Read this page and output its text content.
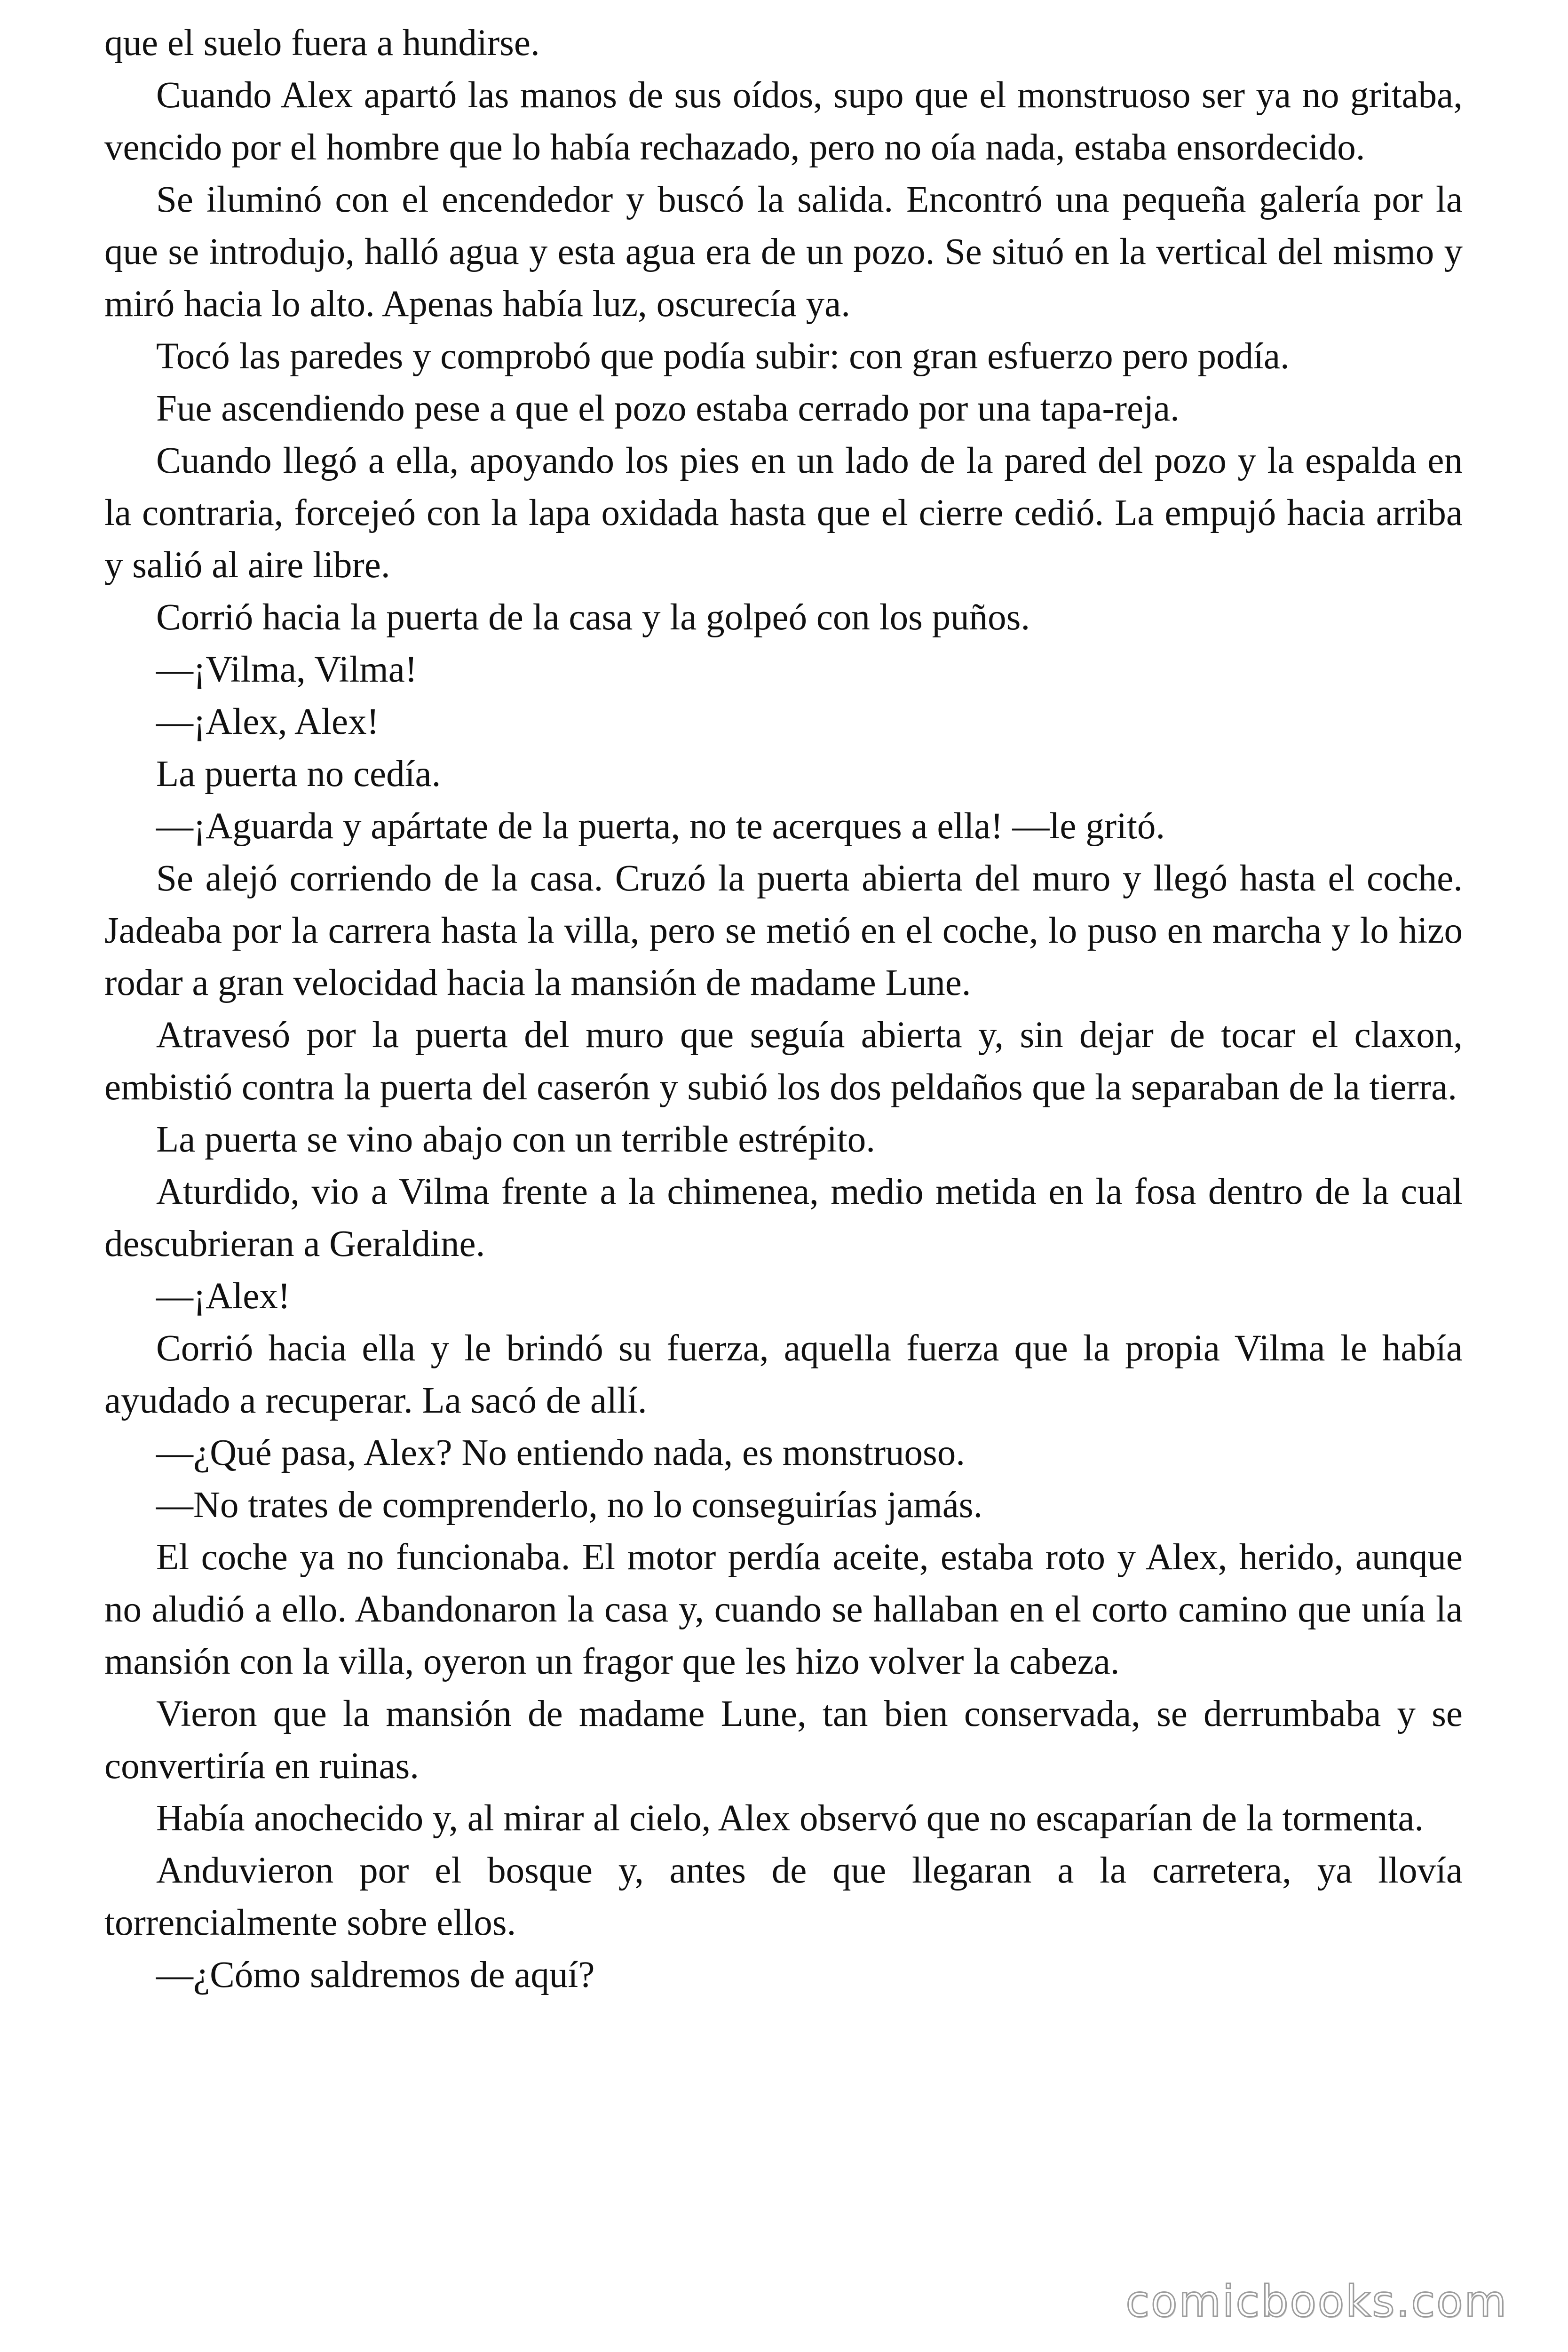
que el suelo fuera a hundirse.

Cuando Alex apartó las manos de sus oídos, supo que el monstruoso ser ya no gritaba, vencido por el hombre que lo había rechazado, pero no oía nada, estaba ensordecido.

Se iluminó con el encendedor y buscó la salida. Encontró una pequeña galería por la que se introdujo, halló agua y esta agua era de un pozo. Se situó en la vertical del mismo y miró hacia lo alto. Apenas había luz, oscurecía ya.

Tocó las paredes y comprobó que podía subir: con gran esfuerzo pero podía.

Fue ascendiendo pese a que el pozo estaba cerrado por una tapa-reja.

Cuando llegó a ella, apoyando los pies en un lado de la pared del pozo y la espalda en la contraria, forcejeó con la lapa oxidada hasta que el cierre cedió. La empujó hacia arriba y salió al aire libre.

Corrió hacia la puerta de la casa y la golpeó con los puños.

—¡Vilma, Vilma!

—¡Alex, Alex!

La puerta no cedía.

—¡Aguarda y apártate de la puerta, no te acerques a ella! —le gritó.

Se alejó corriendo de la casa. Cruzó la puerta abierta del muro y llegó hasta el coche. Jadeaba por la carrera hasta la villa, pero se metió en el coche, lo puso en marcha y lo hizo rodar a gran velocidad hacia la mansión de madame Lune.

Atravesó por la puerta del muro que seguía abierta y, sin dejar de tocar el claxon, embistió contra la puerta del caserón y subió los dos peldaños que la separaban de la tierra.

La puerta se vino abajo con un terrible estrépito.

Aturdido, vio a Vilma frente a la chimenea, medio metida en la fosa dentro de la cual descubrieran a Geraldine.

—¡Alex!

Corrió hacia ella y le brindó su fuerza, aquella fuerza que la propia Vilma le había ayudado a recuperar. La sacó de allí.

—¿Qué pasa, Alex? No entiendo nada, es monstruoso.

—No trates de comprenderlo, no lo conseguirías jamás.

El coche ya no funcionaba. El motor perdía aceite, estaba roto y Alex, herido, aunque no aludió a ello. Abandonaron la casa y, cuando se hallaban en el corto camino que unía la mansión con la villa, oyeron un fragor que les hizo volver la cabeza.

Vieron que la mansión de madame Lune, tan bien conservada, se derrumbaba y se convertiría en ruinas.

Había anochecido y, al mirar al cielo, Alex observó que no escaparían de la tormenta.

Anduvieron por el bosque y, antes de que llegaran a la carretera, ya llovía torrencialmente sobre ellos.

—¿Cómo saldremos de aquí?

comicbooks.com
